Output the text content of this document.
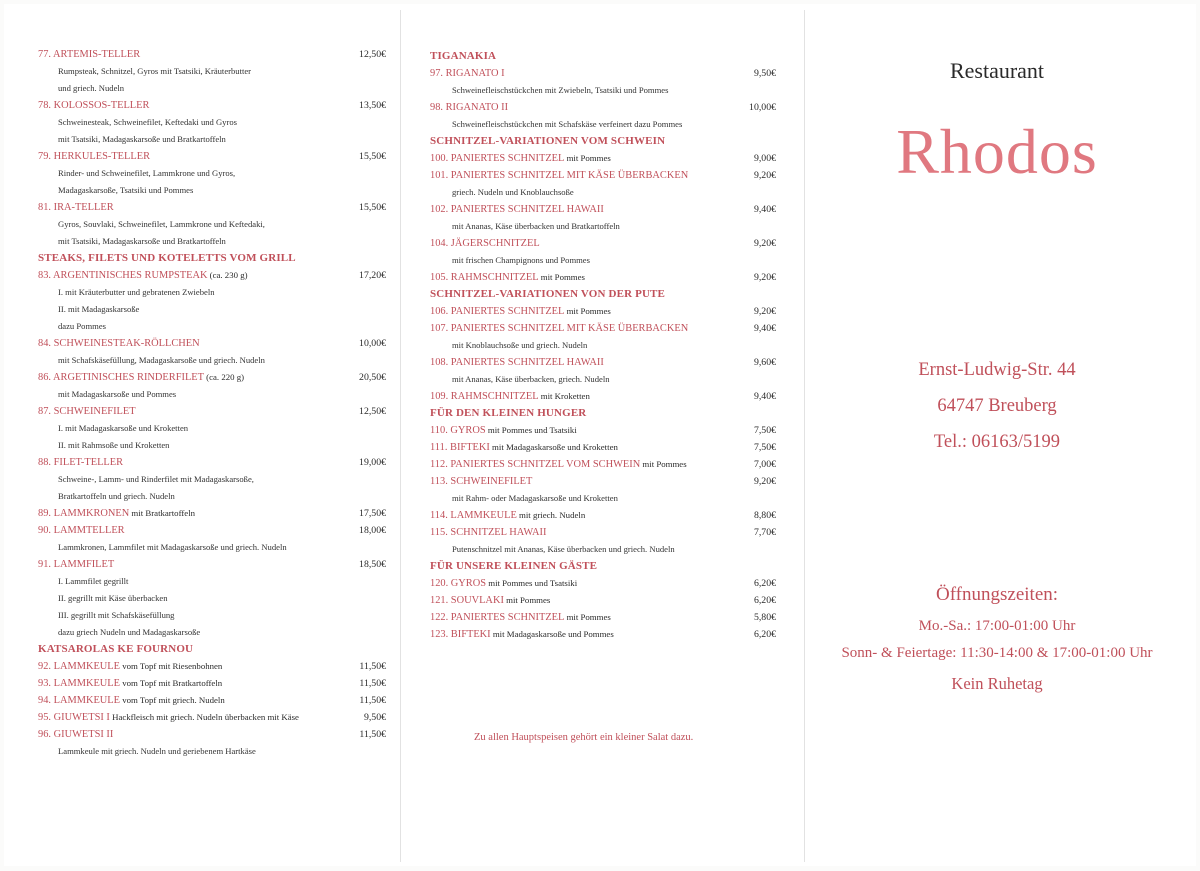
77. ARTEMIS-TELLER	12,50€
Rumpsteak, Schnitzel, Gyros mit Tsatsiki, Kräuterbutter
und griech. Nudeln
78. KOLOSSOS-TELLER	13,50€
Schweinesteak, Schweinefilet, Keftedaki und Gyros
mit Tsatsiki, Madagaskarsoße und Bratkartoffeln
79. HERKULES-TELLER	15,50€
Rinder- und Schweinefilet, Lammkrone und Gyros,
Madagaskarsoße, Tsatsiki und Pommes
81. IRA-TELLER	15,50€
Gyros, Souvlaki, Schweinefilet, Lammkrone und Keftedaki,
mit Tsatsiki, Madagaskarsoße und Bratkartoffeln
STEAKS, FILETS UND KOTELETTS VOM GRILL
83. ARGENTINISCHES RUMPSTEAK (ca. 230 g)	17,20€
I. mit Kräuterbutter und gebratenen Zwiebeln
II. mit Madagaskarsoße
dazu Pommes
84. SCHWEINESTEAK-RÖLLCHEN	10,00€
mit Schafskäsefüllung, Madagaskarsoße und griech. Nudeln
86. ARGETINISCHES RINDERFILET (ca. 220 g)	20,50€
mit Madagaskarsoße und Pommes
87. SCHWEINEFILET	12,50€
I. mit Madagaskarsoße und Kroketten
II. mit Rahmsoße und Kroketten
88. FILET-TELLER	19,00€
Schweine-, Lamm- und Rinderfilet mit Madagaskarsoße,
Bratkartoffeln und griech. Nudeln
89. LAMMKRONEN mit Bratkartoffeln	17,50€
90. LAMMTELLER	18,00€
Lammkronen, Lammfilet mit Madagaskarsoße und griech. Nudeln
91. LAMMFILET	18,50€
I. Lammfilet gegrillt
II. gegrillt mit Käse überbacken
III. gegrillt mit Schafskäsefüllung
dazu griech Nudeln und Madagaskarsoße
KATSAROLAS KE FOURNOU
92. LAMMKEULE vom Topf mit Riesenbohnen	11,50€
93. LAMMKEULE vom Topf mit Bratkartoffeln	11,50€
94. LAMMKEULE vom Topf mit griech. Nudeln	11,50€
95. GIUWETSI I Hackfleisch mit griech. Nudeln überbacken mit Käse	9,50€
96. GIUWETSI II	11,50€
Lammkeule mit griech. Nudeln und geriebenem Hartkäse
TIGANAKIA
97. RIGANATO I	9,50€
Schweinefleischstückchen mit Zwiebeln, Tsatsiki und Pommes
98. RIGANATO II	10,00€
Schweinefleischstückchen mit Schafskäse verfeinert dazu Pommes
SCHNITZEL-VARIATIONEN VOM SCHWEIN
100. PANIERTES SCHNITZEL mit Pommes	9,00€
101. PANIERTES SCHNITZEL MIT KÄSE ÜBERBACKEN	9,20€
griech. Nudeln und Knoblauchsoße
102. PANIERTES SCHNITZEL HAWAII	9,40€
mit Ananas, Käse überbacken und Bratkartoffeln
104. JÄGERSCHNITZEL	9,20€
mit frischen Champignons und Pommes
105. RAHMSCHNITZEL mit Pommes	9,20€
SCHNITZEL-VARIATIONEN VON DER PUTE
106. PANIERTES SCHNITZEL mit Pommes	9,20€
107. PANIERTES SCHNITZEL MIT KÄSE ÜBERBACKEN	9,40€
mit Knoblauchsoße und griech. Nudeln
108. PANIERTES SCHNITZEL HAWAII	9,60€
mit Ananas, Käse überbacken, griech. Nudeln
109. RAHMSCHNITZEL mit Kroketten	9,40€
FÜR DEN KLEINEN HUNGER
110. GYROS mit Pommes und Tsatsiki	7,50€
111. BIFTEKI mit Madagaskarsoße und Kroketten	7,50€
112. PANIERTES SCHNITZEL VOM SCHWEIN mit Pommes	7,00€
113. SCHWEINEFILET	9,20€
mit Rahm- oder Madagaskarsoße und Kroketten
114. LAMMKEULE mit griech. Nudeln	8,80€
115. SCHNITZEL HAWAII	7,70€
Putenschnitzel mit Ananas, Käse überbacken und griech. Nudeln
FÜR UNSERE KLEINEN GÄSTE
120. GYROS mit Pommes und Tsatsiki	6,20€
121. SOUVLAKI mit Pommes	6,20€
122. PANIERTES SCHNITZEL mit Pommes	5,80€
123. BIFTEKI mit Madagaskarsoße und Pommes	6,20€
Zu allen Hauptspeisen gehört ein kleiner Salat dazu.
Restaurant
Rhodos
Ernst-Ludwig-Str. 44
64747 Breuberg
Tel.: 06163/5199
Öffnungszeiten:
Mo.-Sa.: 17:00-01:00 Uhr
Sonn- & Feiertage: 11:30-14:00 & 17:00-01:00 Uhr
Kein Ruhetag
